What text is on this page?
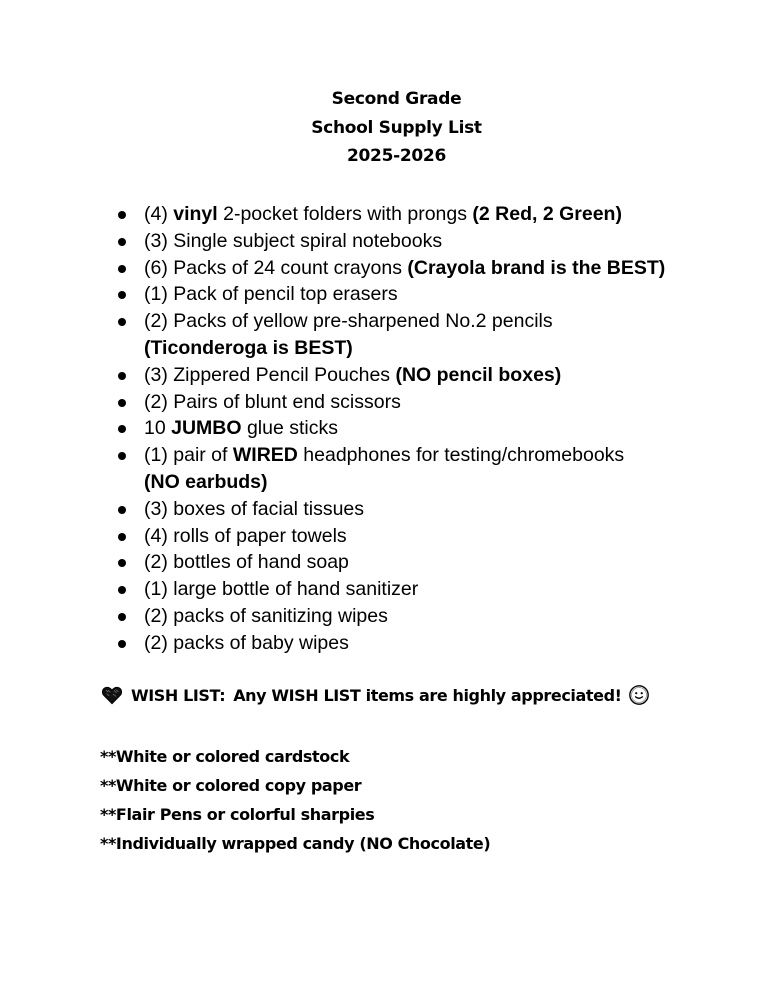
Second Grade
School Supply List
2025-2026
(4) vinyl 2-pocket folders with prongs (2 Red, 2 Green)
(3) Single subject spiral notebooks
(6) Packs of 24 count crayons (Crayola brand is the BEST)
(1) Pack of pencil top erasers
(2) Packs of yellow pre-sharpened No.2 pencils
(Ticonderoga is BEST)
(3) Zippered Pencil Pouches (NO pencil boxes)
(2) Pairs of blunt end scissors
10 JUMBO glue sticks
(1) pair of WIRED headphones for testing/chromebooks
(NO earbuds)
(3) boxes of facial tissues
(4) rolls of paper towels
(2) bottles of hand soap
(1) large bottle of hand sanitizer
(2) packs of sanitizing wipes
(2) packs of baby wipes
WISH LIST: Any WISH LIST items are highly appreciated!
**White or colored cardstock
**White or colored copy paper
**Flair Pens or colorful sharpies
**Individually wrapped candy (NO Chocolate)
